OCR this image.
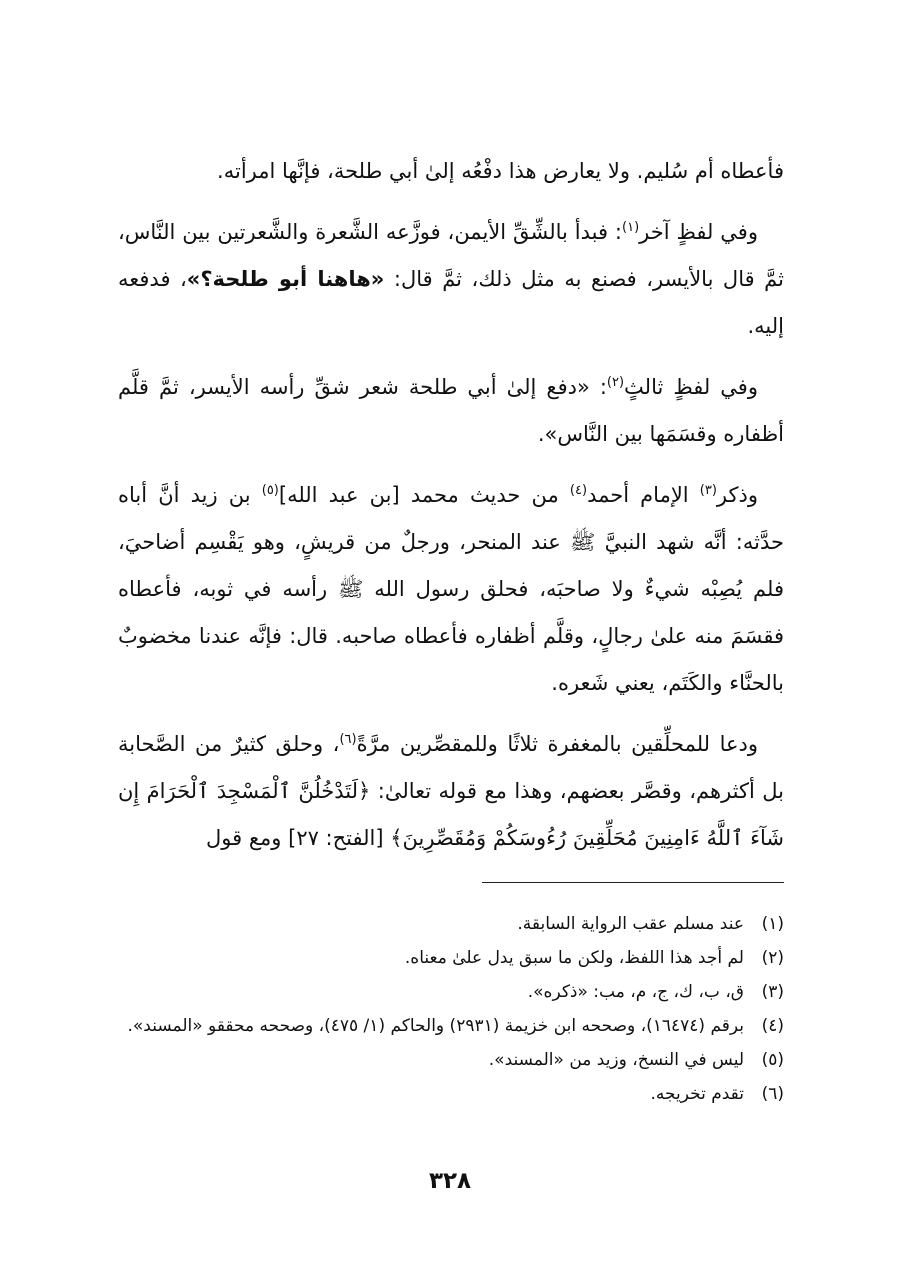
فأعطاه أم سُليم. ولا يعارض هذا دفْعُه إلىٰ أبي طلحة، فإنَّها امرأته.

وفي لفظٍ آخر$^{(١)}$: فبدأ بالشِّقِّ الأيمن، فوزَّعه الشَّعرة والشَّعرتين بين النَّاس، ثمَّ قال بالأيسر، فصنع به مثل ذلك، ثمَّ قال: «هاهنا أبو طلحة؟»، فدفعه إليه.

وفي لفظٍ ثالثٍ$^{(٢)}$: «دفع إلىٰ أبي طلحة شعر شقِّ رأسه الأيسر، ثمَّ قلَّم أظفاره وقسَمَها بين النَّاس».

وذكر$^{(٣)}$ الإمام أحمد$^{(٤)}$ من حديث محمد [بن عبد الله]$^{(٥)}$ بن زيد أنَّ أباه حدَّثه: أنَّه شهد النبيَّ ﷺ عند المنحر، ورجلٌ من قريشٍ، وهو يَقْسِم أضاحيَ، فلم يُصِبْه شيءٌ ولا صاحبَه، فحلق رسول الله ﷺ رأسه في ثوبه، فأعطاه فقسَمَ منه علىٰ رجالٍ، وقلَّم أظفاره فأعطاه صاحبه. قال: فإنَّه عندنا مخضوبٌ بالحنَّاء والكَتَم، يعني شَعره.

ودعا للمحلِّقين بالمغفرة ثلاثًا وللمقصِّرين مرَّةً$^{(٦)}$، وحلق كثيرٌ من الصَّحابة بل أكثرهم، وقصَّر بعضهم، وهذا مع قوله تعالىٰ: ﴿لَتَدْخُلُنَّ ٱلْمَسْجِدَ ٱلْحَرَامَ إِن شَآءَ ٱللَّهُ ءَامِنِينَ مُحَلِّقِينَ رُءُوسَكُمْ وَمُقَصِّرِينَ﴾ [الفتح: ٢٧] ومع قول

(١)
عند مسلم عقب الرواية السابقة.
(٢)
لم أجد هذا اللفظ، ولكن ما سبق يدل علىٰ معناه.
(٣)
ق، ب، ك، ج، م، مب: «ذكره».
(٤)
برقم (١٦٤٧٤)، وصححه ابن خزيمة (٢٩٣١) والحاكم (١/ ٤٧٥)، وصححه محققو «المسند».
(٥)
ليس في النسخ، وزيد من «المسند».
(٦)
تقدم تخريجه.
٣٢٨
